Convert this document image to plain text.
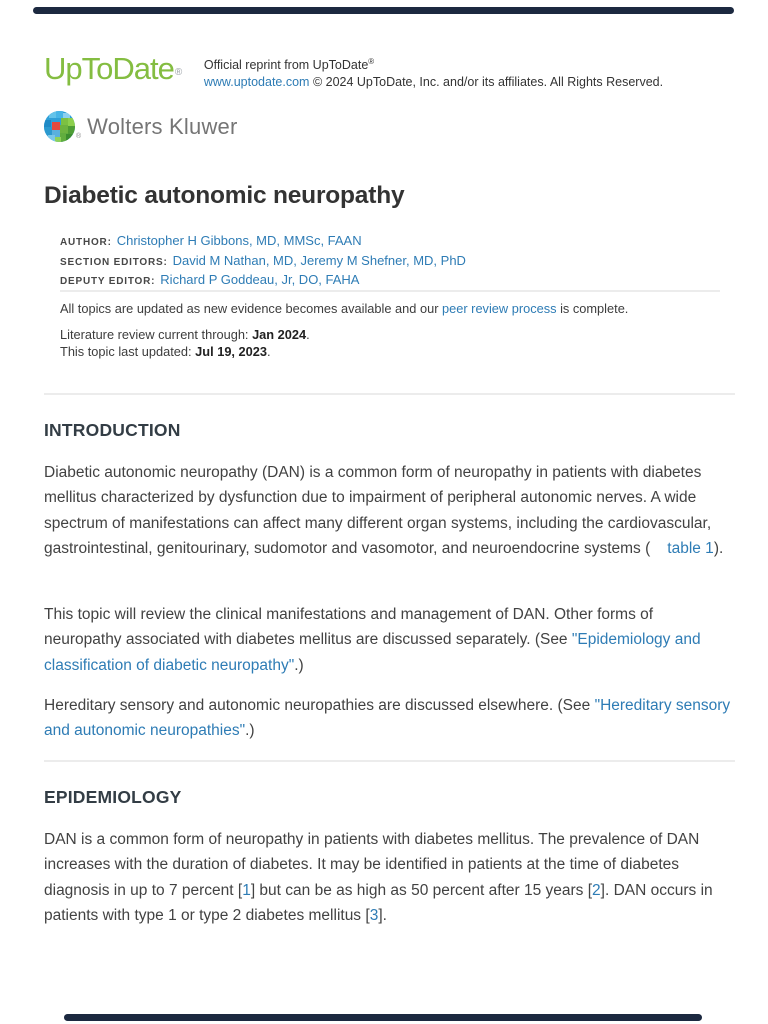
UpToDate ®
Official reprint from UpToDate®
www.uptodate.com © 2024 UpToDate, Inc. and/or its affiliates. All Rights Reserved.
® Wolters Kluwer
Diabetic autonomic neuropathy
AUTHOR: Christopher H Gibbons, MD, MMSc, FAAN
SECTION EDITORS: David M Nathan, MD, Jeremy M Shefner, MD, PhD
DEPUTY EDITOR: Richard P Goddeau, Jr, DO, FAHA
All topics are updated as new evidence becomes available and our peer review process is complete.
Literature review current through: Jan 2024.
This topic last updated: Jul 19, 2023.
INTRODUCTION

Diabetic autonomic neuropathy (DAN) is a common form of neuropathy in patients with diabetes mellitus characterized by dysfunction due to impairment of peripheral autonomic nerves. A wide spectrum of manifestations can affect many different organ systems, including the cardiovascular, gastrointestinal, genitourinary, sudomotor and vasomotor, and neuroendocrine systems ( table 1).

This topic will review the clinical manifestations and management of DAN. Other forms of neuropathy associated with diabetes mellitus are discussed separately. (See "Epidemiology and classification of diabetic neuropathy".)

Hereditary sensory and autonomic neuropathies are discussed elsewhere. (See "Hereditary sensory and autonomic neuropathies".)

EPIDEMIOLOGY

DAN is a common form of neuropathy in patients with diabetes mellitus. The prevalence of DAN increases with the duration of diabetes. It may be identified in patients at the time of diabetes diagnosis in up to 7 percent [1] but can be as high as 50 percent after 15 years [2]. DAN occurs in patients with type 1 or type 2 diabetes mellitus [3].
